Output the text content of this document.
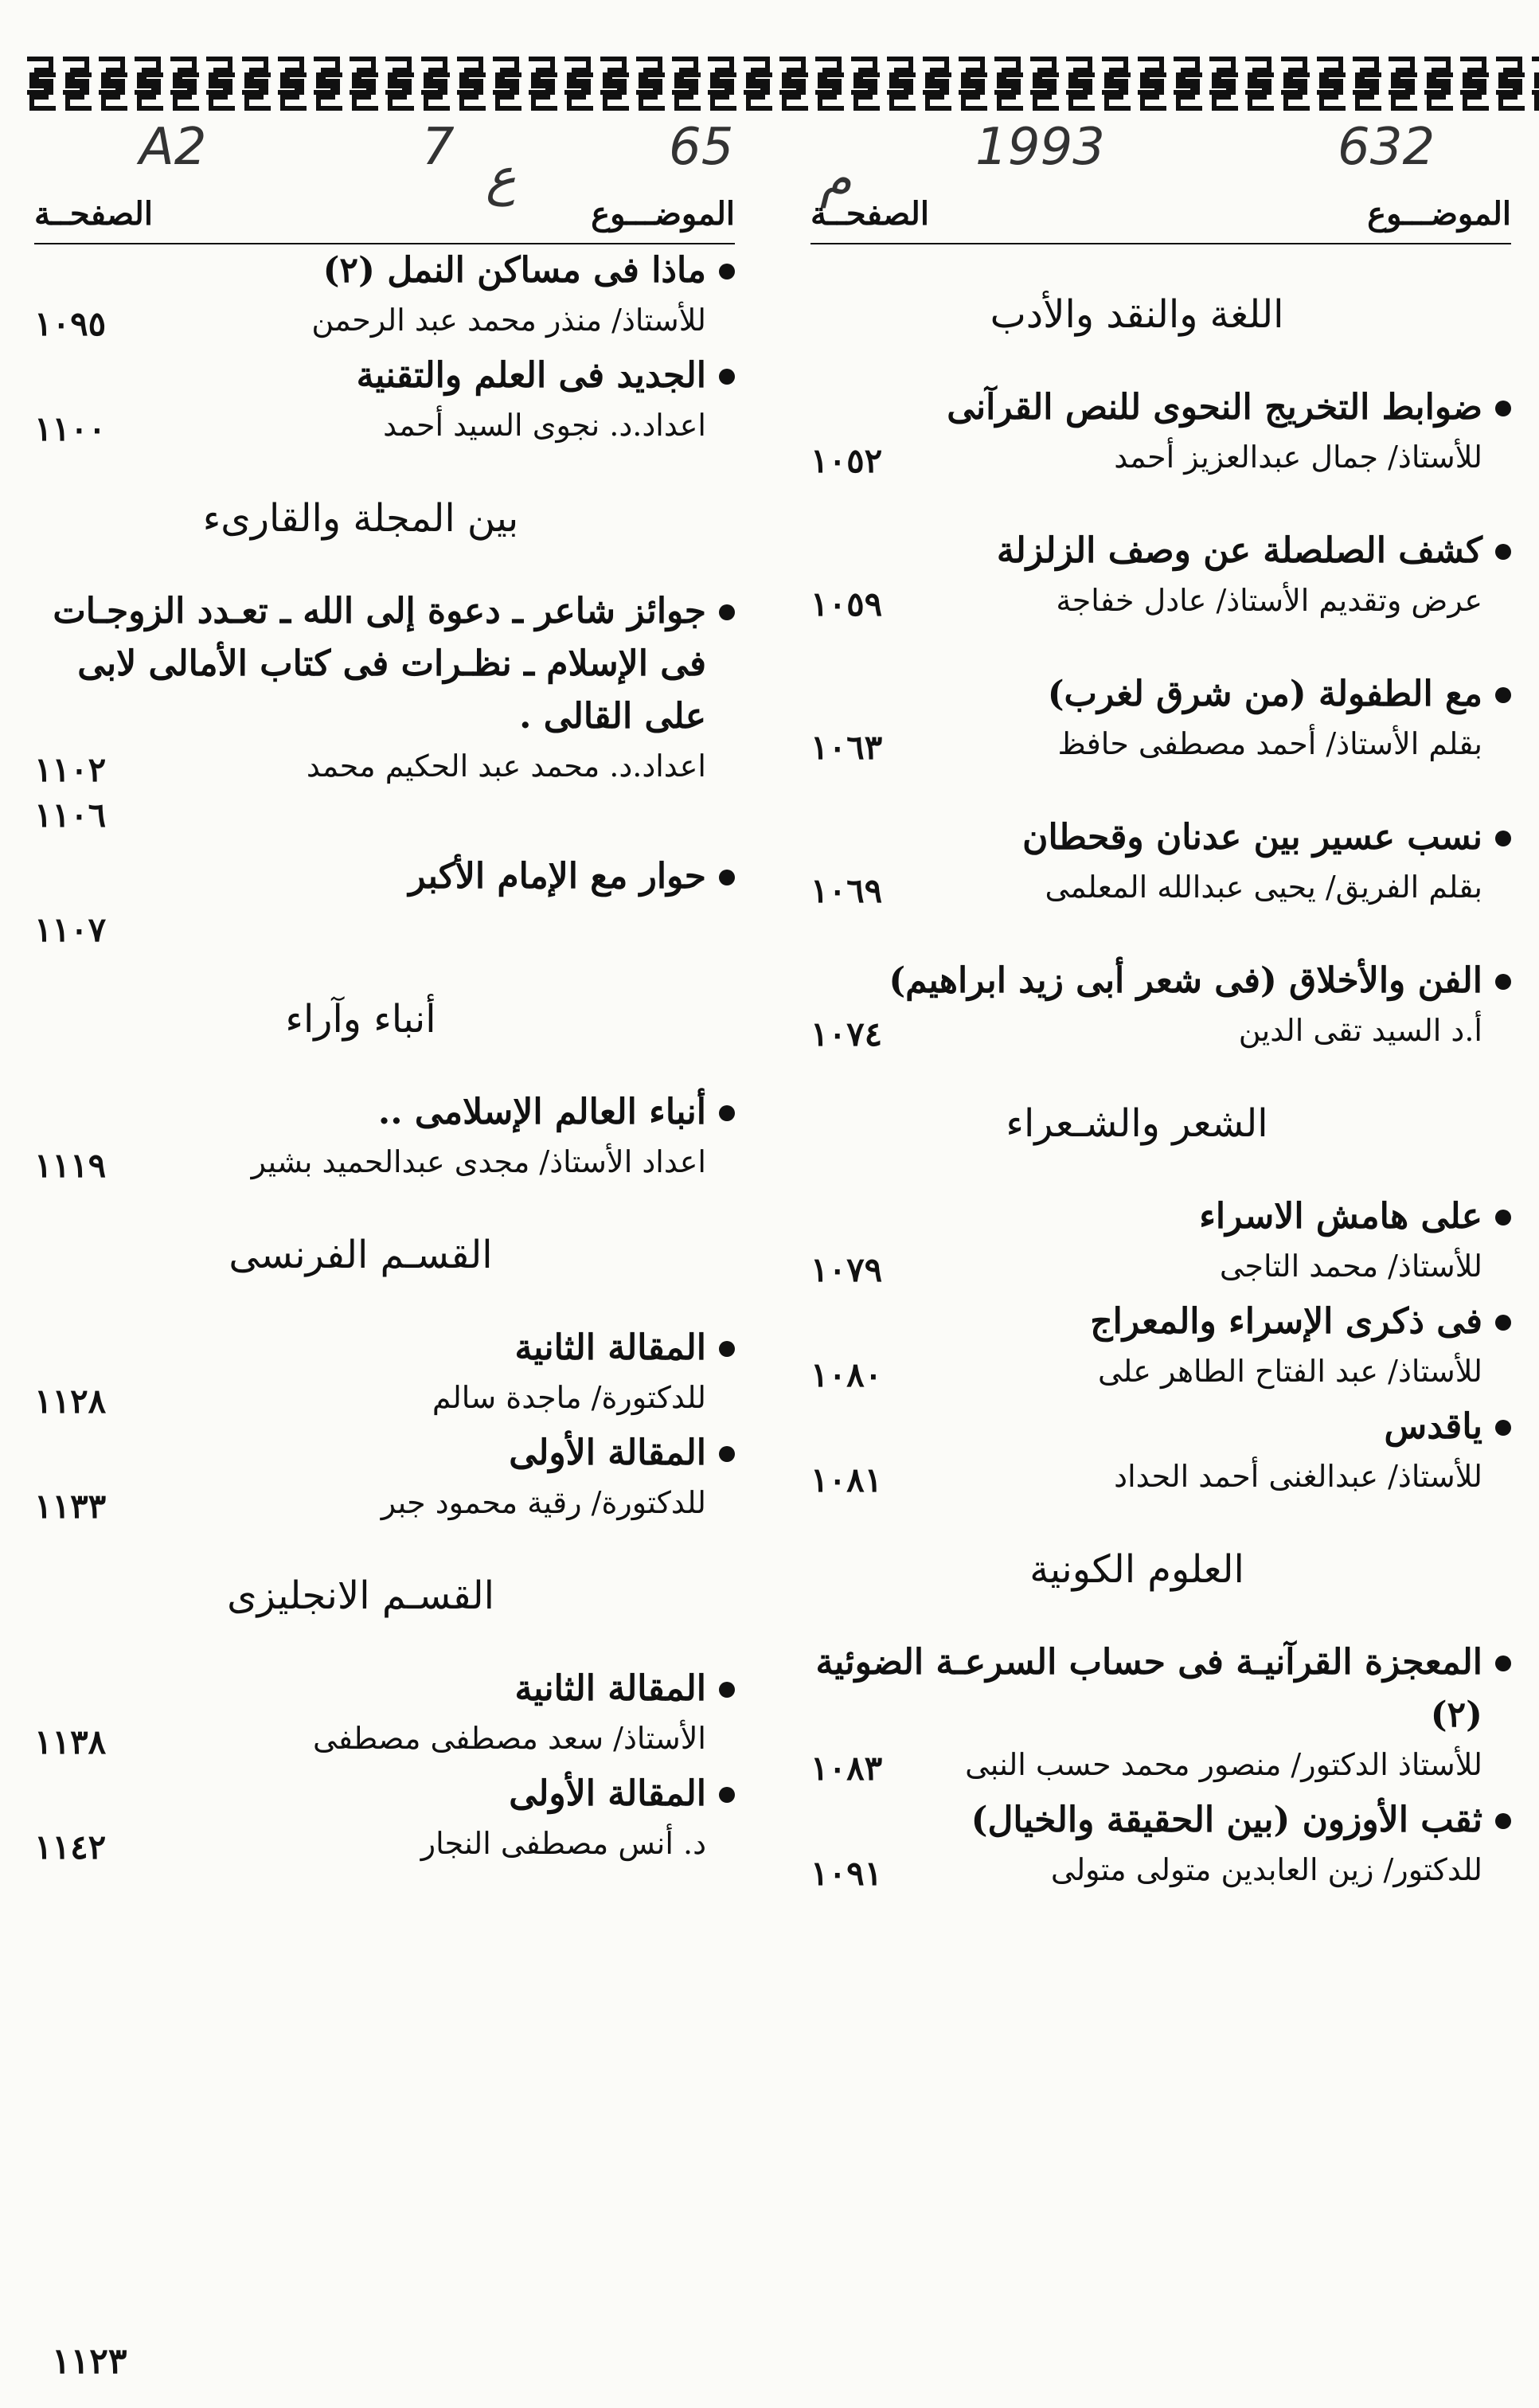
A2	7
ع
65
م
1993	632
الموضـــوع
الصفحــة
اللغة والنقد والأدب
ضوابط التخريج النحوى للنص القرآنى
للأستاذ/ جمال عبدالعزيز أحمد
١٠٥٢
كشف الصلصلة عن وصف الزلزلة
عرض وتقديم الأستاذ/ عادل خفاجة
١٠٥٩
مع الطفولة (من شرق لغرب)
بقلم الأستاذ/ أحمد مصطفى حافظ
١٠٦٣
نسب عسير بين عدنان وقحطان
بقلم الفريق/ يحيى عبدالله المعلمى
١٠٦٩
الفن والأخلاق (فى شعر أبى زيد ابراهيم)
أ.د السيد تقى الدين
١٠٧٤
الشعر والشـعراء
على هامش الاسراء
للأستاذ/ محمد التاجى
١٠٧٩
فى ذكرى الإسراء والمعراج
للأستاذ/ عبد الفتاح الطاهر على
١٠٨٠
ياقدس
للأستاذ/ عبدالغنى أحمد الحداد
١٠٨١
العلوم الكونية
المعجزة القرآنيـة فى حساب السرعـة الضوئية (٢)
للأستاذ الدكتور/ منصور محمد حسب النبى
١٠٨٣
ثقب الأوزون (بين الحقيقة والخيال)
للدكتور/ زين العابدين متولى متولى
١٠٩١
الموضـــوع
الصفحــة
ماذا فى مساكن النمل (٢)
للأستاذ/ منذر محمد عبد الرحمن
١٠٩٥
الجديد فى العلم والتقنية
اعداد.د. نجوى السيد أحمد
١١٠٠
بين المجلة والقارىء
جوائز شاعر ـ دعوة إلى الله ـ تعـدد الزوجـات فى الإسلام ـ نظـرات فى كتاب الأمالى لابى على القالى .
اعداد.د. محمد عبد الحكيم محمد
١١٠٢
١١٠٦
حوار مع الإمام الأكبر
١١٠٧
أنباء وآراء
أنباء العالم الإسلامى ..
اعداد الأستاذ/ مجدى عبدالحميد بشير
١١١٩
القسـم الفرنسى
المقالة الثانية
للدكتورة/ ماجدة سالم
١١٢٨
المقالة الأولى
للدكتورة/ رقية محمود جبر
١١٣٣
القسـم الانجليزى
المقالة الثانية
الأستاذ/ سعد مصطفى مصطفى
١١٣٨
المقالة الأولى
د. أنس مصطفى النجار
١١٤٢
١١٢٣
